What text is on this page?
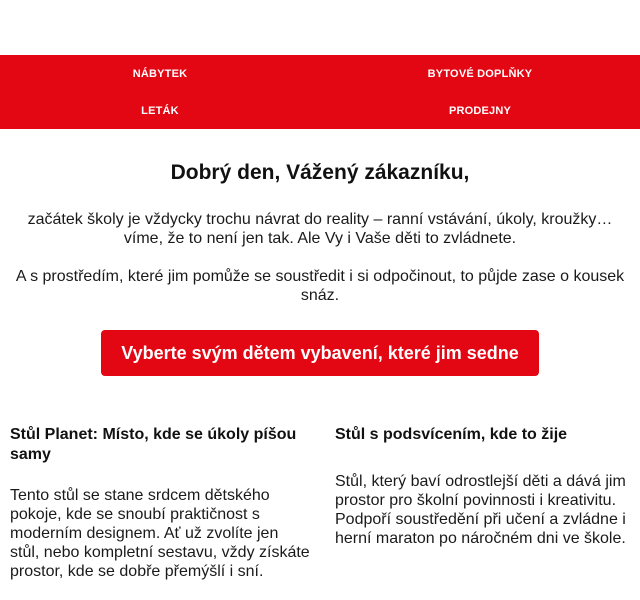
NÁBYTEK	BYTOVÉ DOPLŇKY
LETÁK	PRODEJNY
Dobrý den, Vážený zákazníku,

začátek školy je vždycky trochu návrat do reality – ranní vstávání, úkoly, kroužky… víme, že to není jen tak. Ale Vy i Vaše děti to zvládnete.

A s prostředím, které jim pomůže se soustředit i si odpočinout, to půjde zase o kousek snáz.

Vyberte svým dětem vybavení, které jim sedne
Stůl Planet: Místo, kde se úkoly píšou samy

Tento stůl se stane srdcem dětského pokoje, kde se snoubí praktičnost s moderním designem. Ať už zvolíte jen stůl, nebo kompletní sestavu, vždy získáte prostor, kde se dobře přemýšlí i sní.

Stůl s podsvícením, kde to žije

Stůl, který baví odrostlejší děti a dává jim prostor pro školní povinnosti i kreativitu. Podpoří soustředění při učení a zvládne i herní maraton po náročném dni ve škole.
